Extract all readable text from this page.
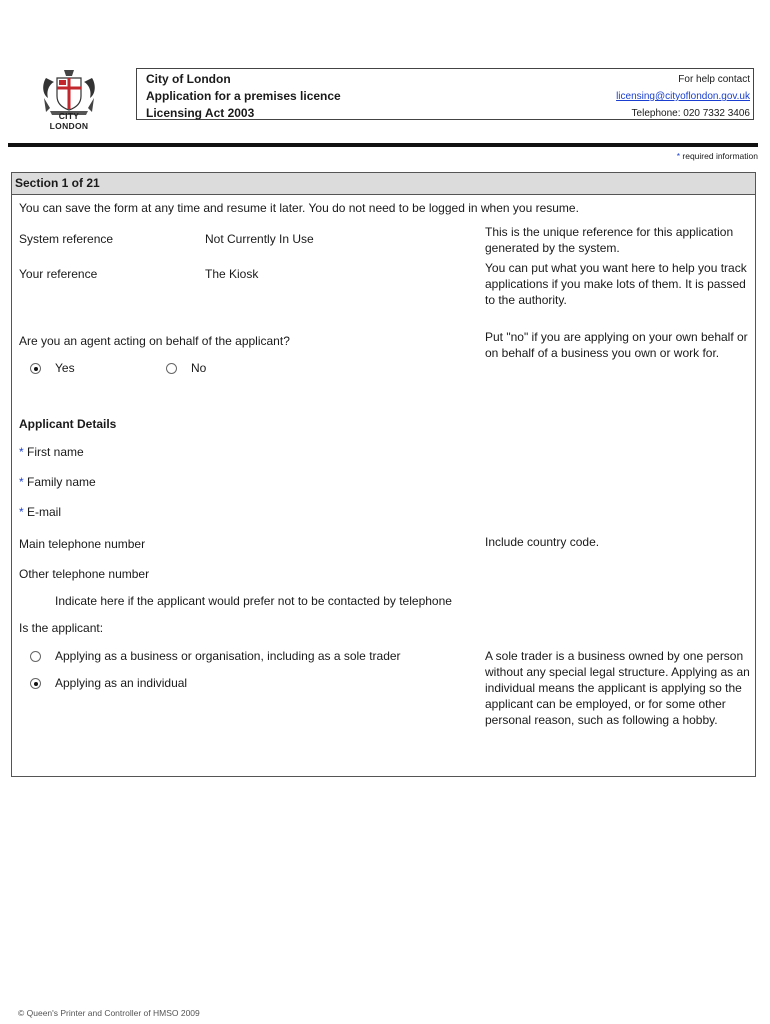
CITY
LONDON
City of London
Application for a premises licence
Licensing Act 2003
For help contact
licensing@cityoflondon.gov.uk
Telephone: 020 7332 3406
* required information
Section 1 of 21
You can save the form at any time and resume it later. You do not need to be logged in when you resume.
System reference	Not Currently In Use	This is the unique reference for this application generated by the system.
Your reference	The Kiosk	You can put what you want here to help you track applications if you make lots of them. It is passed to the authority.
Are you an agent acting on behalf of the applicant?	Put "no" if you are applying on your own behalf or on behalf of a business you own or work for.
Yes	No
Applicant Details
* First name
* Family name
* E-mail
Main telephone number	Include country code.
Other telephone number
Indicate here if the applicant would prefer not to be contacted by telephone
Is the applicant:
Applying as a business or organisation, including as a sole trader
Applying as an individual
A sole trader is a business owned by one person without any special legal structure. Applying as an individual means the applicant is applying so the applicant can be employed, or for some other personal reason, such as following a hobby.
© Queen's Printer and Controller of HMSO 2009
